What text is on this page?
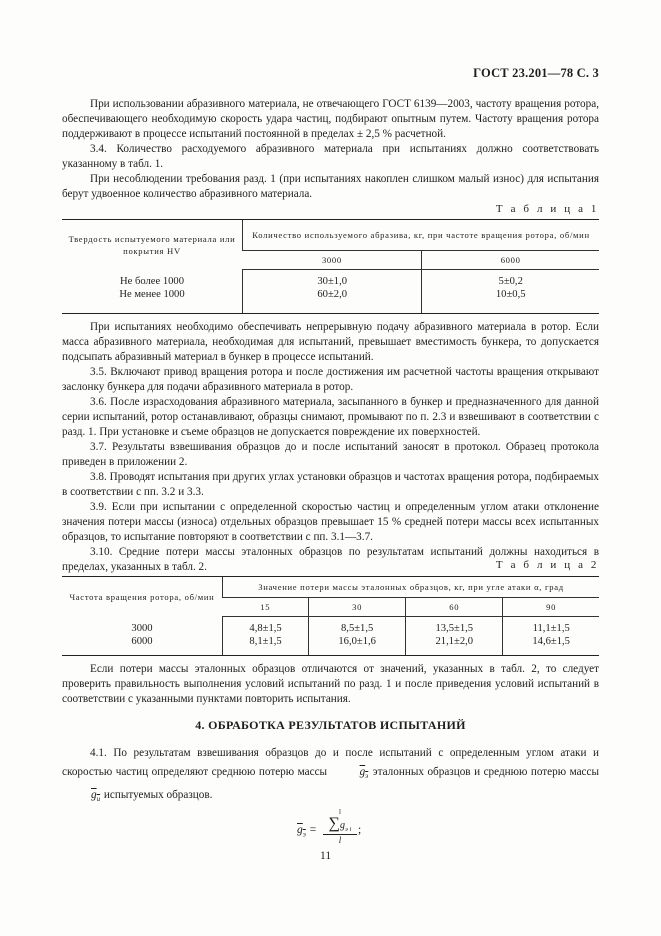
ГОСТ 23.201—78 С. 3

При использовании абразивного материала, не отвечающего ГОСТ 6139—2003, частоту вращения ротора, обеспечивающего необходимую скорость удара частиц, подбирают опытным путем. Частоту вращения ротора поддерживают в процессе испытаний постоянной в пределах ± 2,5 % расчетной.

3.4. Количество расходуемого абразивного материала при испытаниях должно соответствовать указанному в табл. 1.

При несоблюдении требования разд. 1 (при испытаниях накоплен слишком малый износ) для испытания берут удвоенное количество абразивного материала.

Т а б л и ц а 1
Твердость испытуемого материала или покрытия HV	Количество используемого абразива, кг, при частоте вращения ротора, об/мин	
	3000	6000
Не более 1000	30±1,0	5±0,2
Не менее 1000	60±2,0	10±0,5

При испытаниях необходимо обеспечивать непрерывную подачу абразивного материала в ротор. Если масса абразивного материала, необходимая для испытаний, превышает вместимость бункера, то допускается подсыпать абразивный материал в бункер в процессе испытаний.

3.5. Включают привод вращения ротора и после достижения им расчетной частоты вращения открывают заслонку бункера для подачи абразивного материала в ротор.

3.6. После израсходования абразивного материала, засыпанного в бункер и предназначенного для данной серии испытаний, ротор останавливают, образцы снимают, промывают по п. 2.3 и взвешивают в соответствии с разд. 1. При установке и съеме образцов не допускается повреждение их поверхностей.

3.7. Результаты взвешивания образцов до и после испытаний заносят в протокол. Образец протокола приведен в приложении 2.

3.8. Проводят испытания при других углах установки образцов и частотах вращения ротора, подбираемых в соответствии с пп. 3.2 и 3.3.

3.9. Если при испытании с определенной скоростью частиц и определенным углом атаки отклонение значения потери массы (износа) отдельных образцов превышает 15 % средней потери массы всех испытанных образцов, то испытание повторяют в соответствии с пп. 3.1—3.7.

3.10. Средние потери массы эталонных образцов по результатам испытаний должны находиться в пределах, указанных в табл. 2.	Т а б л и ц а 2
Частота вращения ротора, об/мин	Значение потери массы эталонных образцов, кг, при угле атаки α, град			
	15	30	60	90
3000	4,8±1,5	8,5±1,5	13,5±1,5	11,1±1,5
6000	8,1±1,5	16,0±1,6	21,1±2,0	14,6±1,5

Если потери массы эталонных образцов отличаются от значений, указанных в табл. 2, то следует проверить правильность выполнения условий испытаний по разд. 1 и после приведения условий испытаний в соответствии с указанными пунктами повторить испытания.

4. ОБРАБОТКА РЕЗУЛЬТАТОВ ИСПЫТАНИЙ

4.1. По результатам взвешивания образцов до и после испытаний с определенным углом атаки и скоростью частиц определяют среднюю потерю массы	$g_э$ эталонных образцов и среднюю потерю массы $g_и$ испытуемых образцов.

$g_э$ =
l
$\sum g_{э i}$
l
;
11
